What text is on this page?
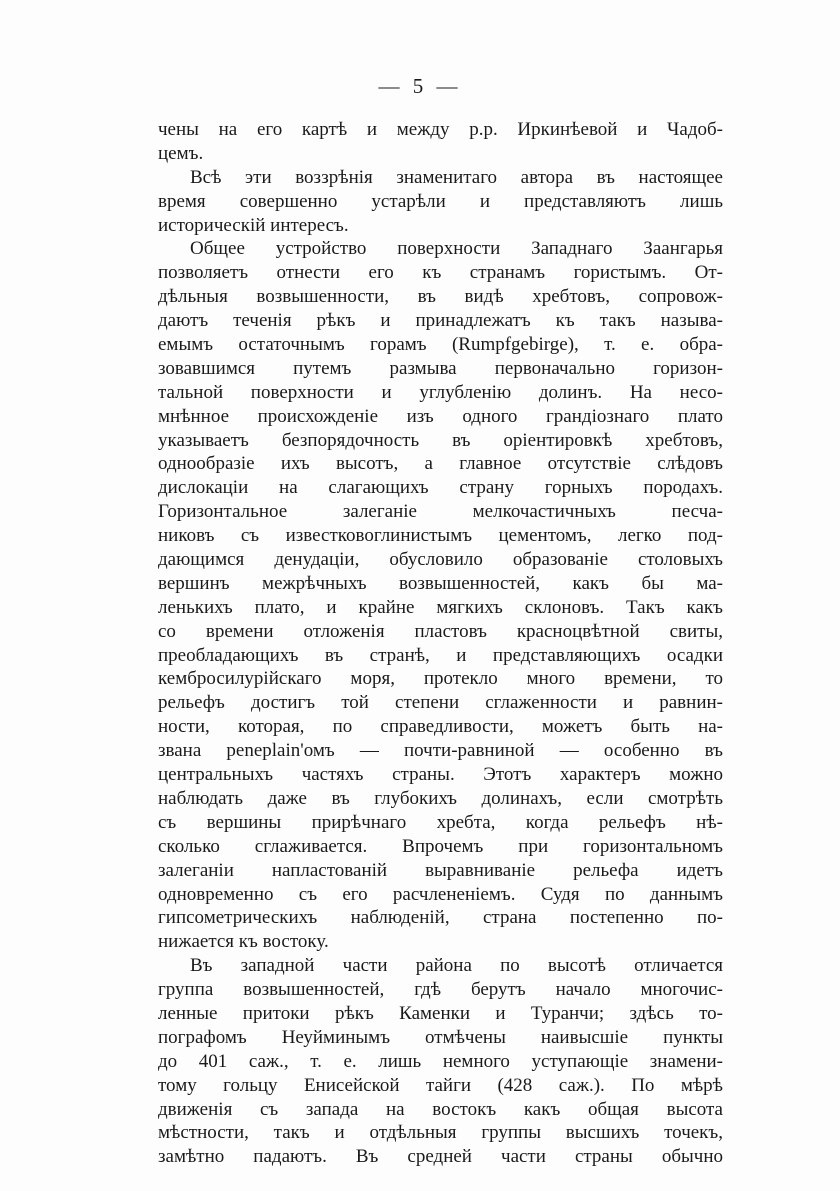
— 5 —
чены на его картѣ и между р.р. Иркинѣевой и Чадоб-
цемъ.
Всѣ эти воззрѣнія знаменитаго автора въ настоящее
время совершенно устарѣли и представляютъ лишь
историческій интересъ.
Общее устройство поверхности Западнаго Заангарья
позволяетъ отнести его къ странамъ гористымъ. От-
дѣльныя возвышенности, въ видѣ хребтовъ, сопровож-
даютъ теченія рѣкъ и принадлежатъ къ такъ называ-
емымъ остаточнымъ горамъ (Rumpfgebirge), т. е. обра-
зовавшимся путемъ размыва первоначально горизон-
тальной поверхности и углубленію долинъ. На несо-
мнѣнное происхожденіе изъ одного грандіознаго плато
указываетъ безпорядочность въ оріентировкѣ хребтовъ,
однообразіе ихъ высотъ, а главное отсутствіе слѣдовъ
дислокаціи на слагающихъ страну горныхъ породахъ.
Горизонтальное залеганіе мелкочастичныхъ песча-
никовъ съ известковоглинистымъ цементомъ, легко под-
дающимся денудаціи, обусловило образованіе столовыхъ
вершинъ межрѣчныхъ возвышенностей, какъ бы ма-
ленькихъ плато, и крайне мягкихъ склоновъ. Такъ какъ
со времени отложенія пластовъ красноцвѣтной свиты,
преобладающихъ въ странѣ, и представляющихъ осадки
кембросилурійскаго моря, протекло много времени, то
рельефъ достигъ той степени сглаженности и равнин-
ности, которая, по справедливости, можетъ быть на-
звана peneplain'омъ — почти-равниной — особенно въ
центральныхъ частяхъ страны. Этотъ характеръ можно
наблюдать даже въ глубокихъ долинахъ, если смотрѣть
съ вершины прирѣчнаго хребта, когда рельефъ нѣ-
сколько сглаживается. Впрочемъ при горизонтальномъ
залеганіи напластованій выравниваніе рельефа идетъ
одновременно съ его расчлененіемъ. Судя по даннымъ
гипсометрическихъ наблюденій, страна постепенно по-
нижается къ востоку.
Въ западной части района по высотѣ отличается
группа возвышенностей, гдѣ берутъ начало многочис-
ленные притоки рѣкъ Каменки и Туранчи; здѣсь то-
пографомъ Неуйминымъ отмѣчены наивысшіе пункты
до 401 саж., т. е. лишь немного уступающіе знамени-
тому гольцу Енисейской тайги (428 саж.). По мѣрѣ
движенія съ запада на востокъ какъ общая высота
мѣстности, такъ и отдѣльныя группы высшихъ точекъ,
замѣтно падаютъ. Въ средней части страны обычно
